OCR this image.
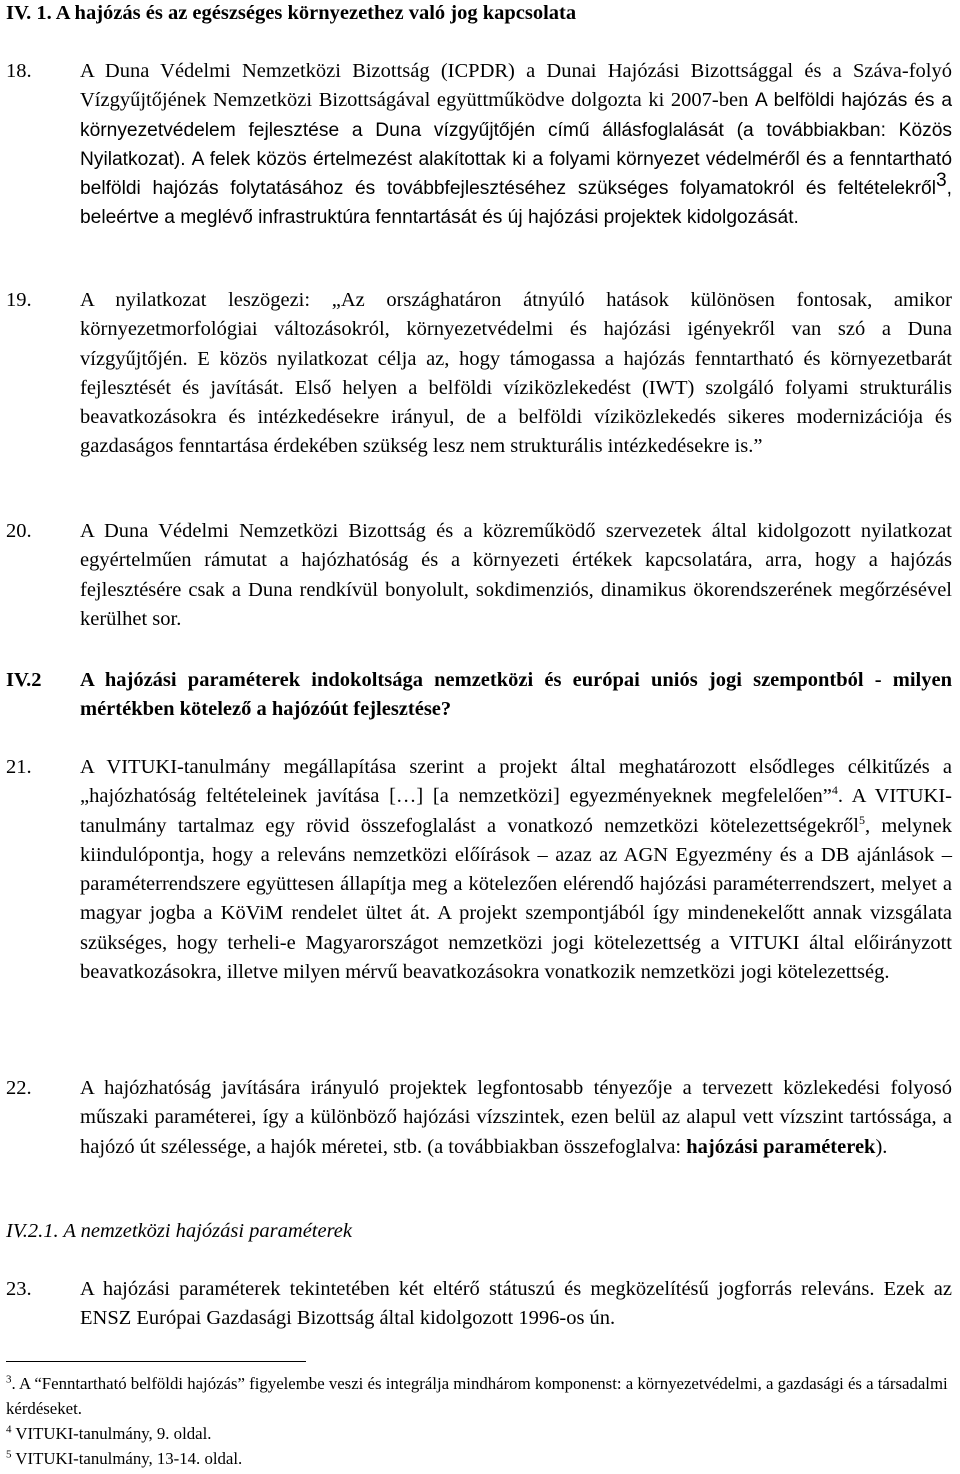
IV. 1. A hajózás és az egészséges környezethez való jog kapcsolata
18. A Duna Védelmi Nemzetközi Bizottság (ICPDR) a Dunai Hajózási Bizottsággal és a Száva-folyó Vízgyűjtőjének Nemzetközi Bizottságával együttműködve dolgozta ki 2007-ben A belföldi hajózás és a környezetvédelem fejlesztése a Duna vízgyűjtőjén című állásfoglalását (a továbbiakban: Közös Nyilatkozat). A felek közös értelmezést alakítottak ki a folyami környezet védelméről és a fenntartható belföldi hajózás folytatásához és továbbfejlesztéséhez szükséges folyamatokról és feltételekről$^3$, beleértve a meglévő infrastruktúra fenntartását és új hajózási projektek kidolgozását.
19. A nyilatkozat leszögezi: „Az országhatáron átnyúló hatások különösen fontosak, amikor környezetmorfológiai változásokról, környezetvédelmi és hajózási igényekről van szó a Duna vízgyűjtőjén. E közös nyilatkozat célja az, hogy támogassa a hajózás fenntartható és környezetbarát fejlesztését és javítását. Első helyen a belföldi víziközlekedést (IWT) szolgáló folyami strukturális beavatkozásokra és intézkedésekre irányul, de a belföldi víziközlekedés sikeres modernizációja és gazdaságos fenntartása érdekében szükség lesz nem strukturális intézkedésekre is.”
20. A Duna Védelmi Nemzetközi Bizottság és a közreműködő szervezetek által kidolgozott nyilatkozat egyértelműen rámutat a hajózhatóság és a környezeti értékek kapcsolatára, arra, hogy a hajózás fejlesztésére csak a Duna rendkívül bonyolult, sokdimenziós, dinamikus ökorendszerének megőrzésével kerülhet sor.
IV.2 A hajózási paraméterek indokoltsága nemzetközi és európai uniós jogi szempontból - milyen mértékben kötelező a hajózóút fejlesztése?
21. A VITUKI-tanulmány megállapítása szerint a projekt által meghatározott elsődleges célkitűzés a „hajózhatóság feltételeinek javítása […] [a nemzetközi] egyezményeknek megfelelően”$^4$. A VITUKI-tanulmány tartalmaz egy rövid összefoglalást a vonatkozó nemzetközi kötelezettségekről$^5$, melynek kiindulópontja, hogy a releváns nemzetközi előírások – azaz az AGN Egyezmény és a DB ajánlások – paraméterrendszere együttesen állapítja meg a kötelezően elérendő hajózási paraméterrendszert, melyet a magyar jogba a KöViM rendelet ültet át. A projekt szempontjából így mindenekelőtt annak vizsgálata szükséges, hogy terheli-e Magyarországot nemzetközi jogi kötelezettség a VITUKI által előirányzott beavatkozásokra, illetve milyen mérvű beavatkozásokra vonatkozik nemzetközi jogi kötelezettség.
22. A hajózhatóság javítására irányuló projektek legfontosabb tényezője a tervezett közlekedési folyosó műszaki paraméterei, így a különböző hajózási vízszintek, ezen belül az alapul vett vízszint tartóssága, a hajózó út szélessége, a hajók méretei, stb. (a továbbiakban összefoglalva: hajózási paraméterek).
IV.2.1. A nemzetközi hajózási paraméterek
23. A hajózási paraméterek tekintetében két eltérő státuszú és megközelítésű jogforrás releváns. Ezek az ENSZ Európai Gazdasági Bizottság által kidolgozott 1996-os ún.

$^3$. A “Fenntartható belföldi hajózás” figyelembe veszi és integrálja mindhárom komponenst: a környezetvédelmi, a gazdasági és a társadalmi kérdéseket.

$^4$ VITUKI-tanulmány, 9. oldal.

$^5$ VITUKI-tanulmány, 13-14. oldal.
